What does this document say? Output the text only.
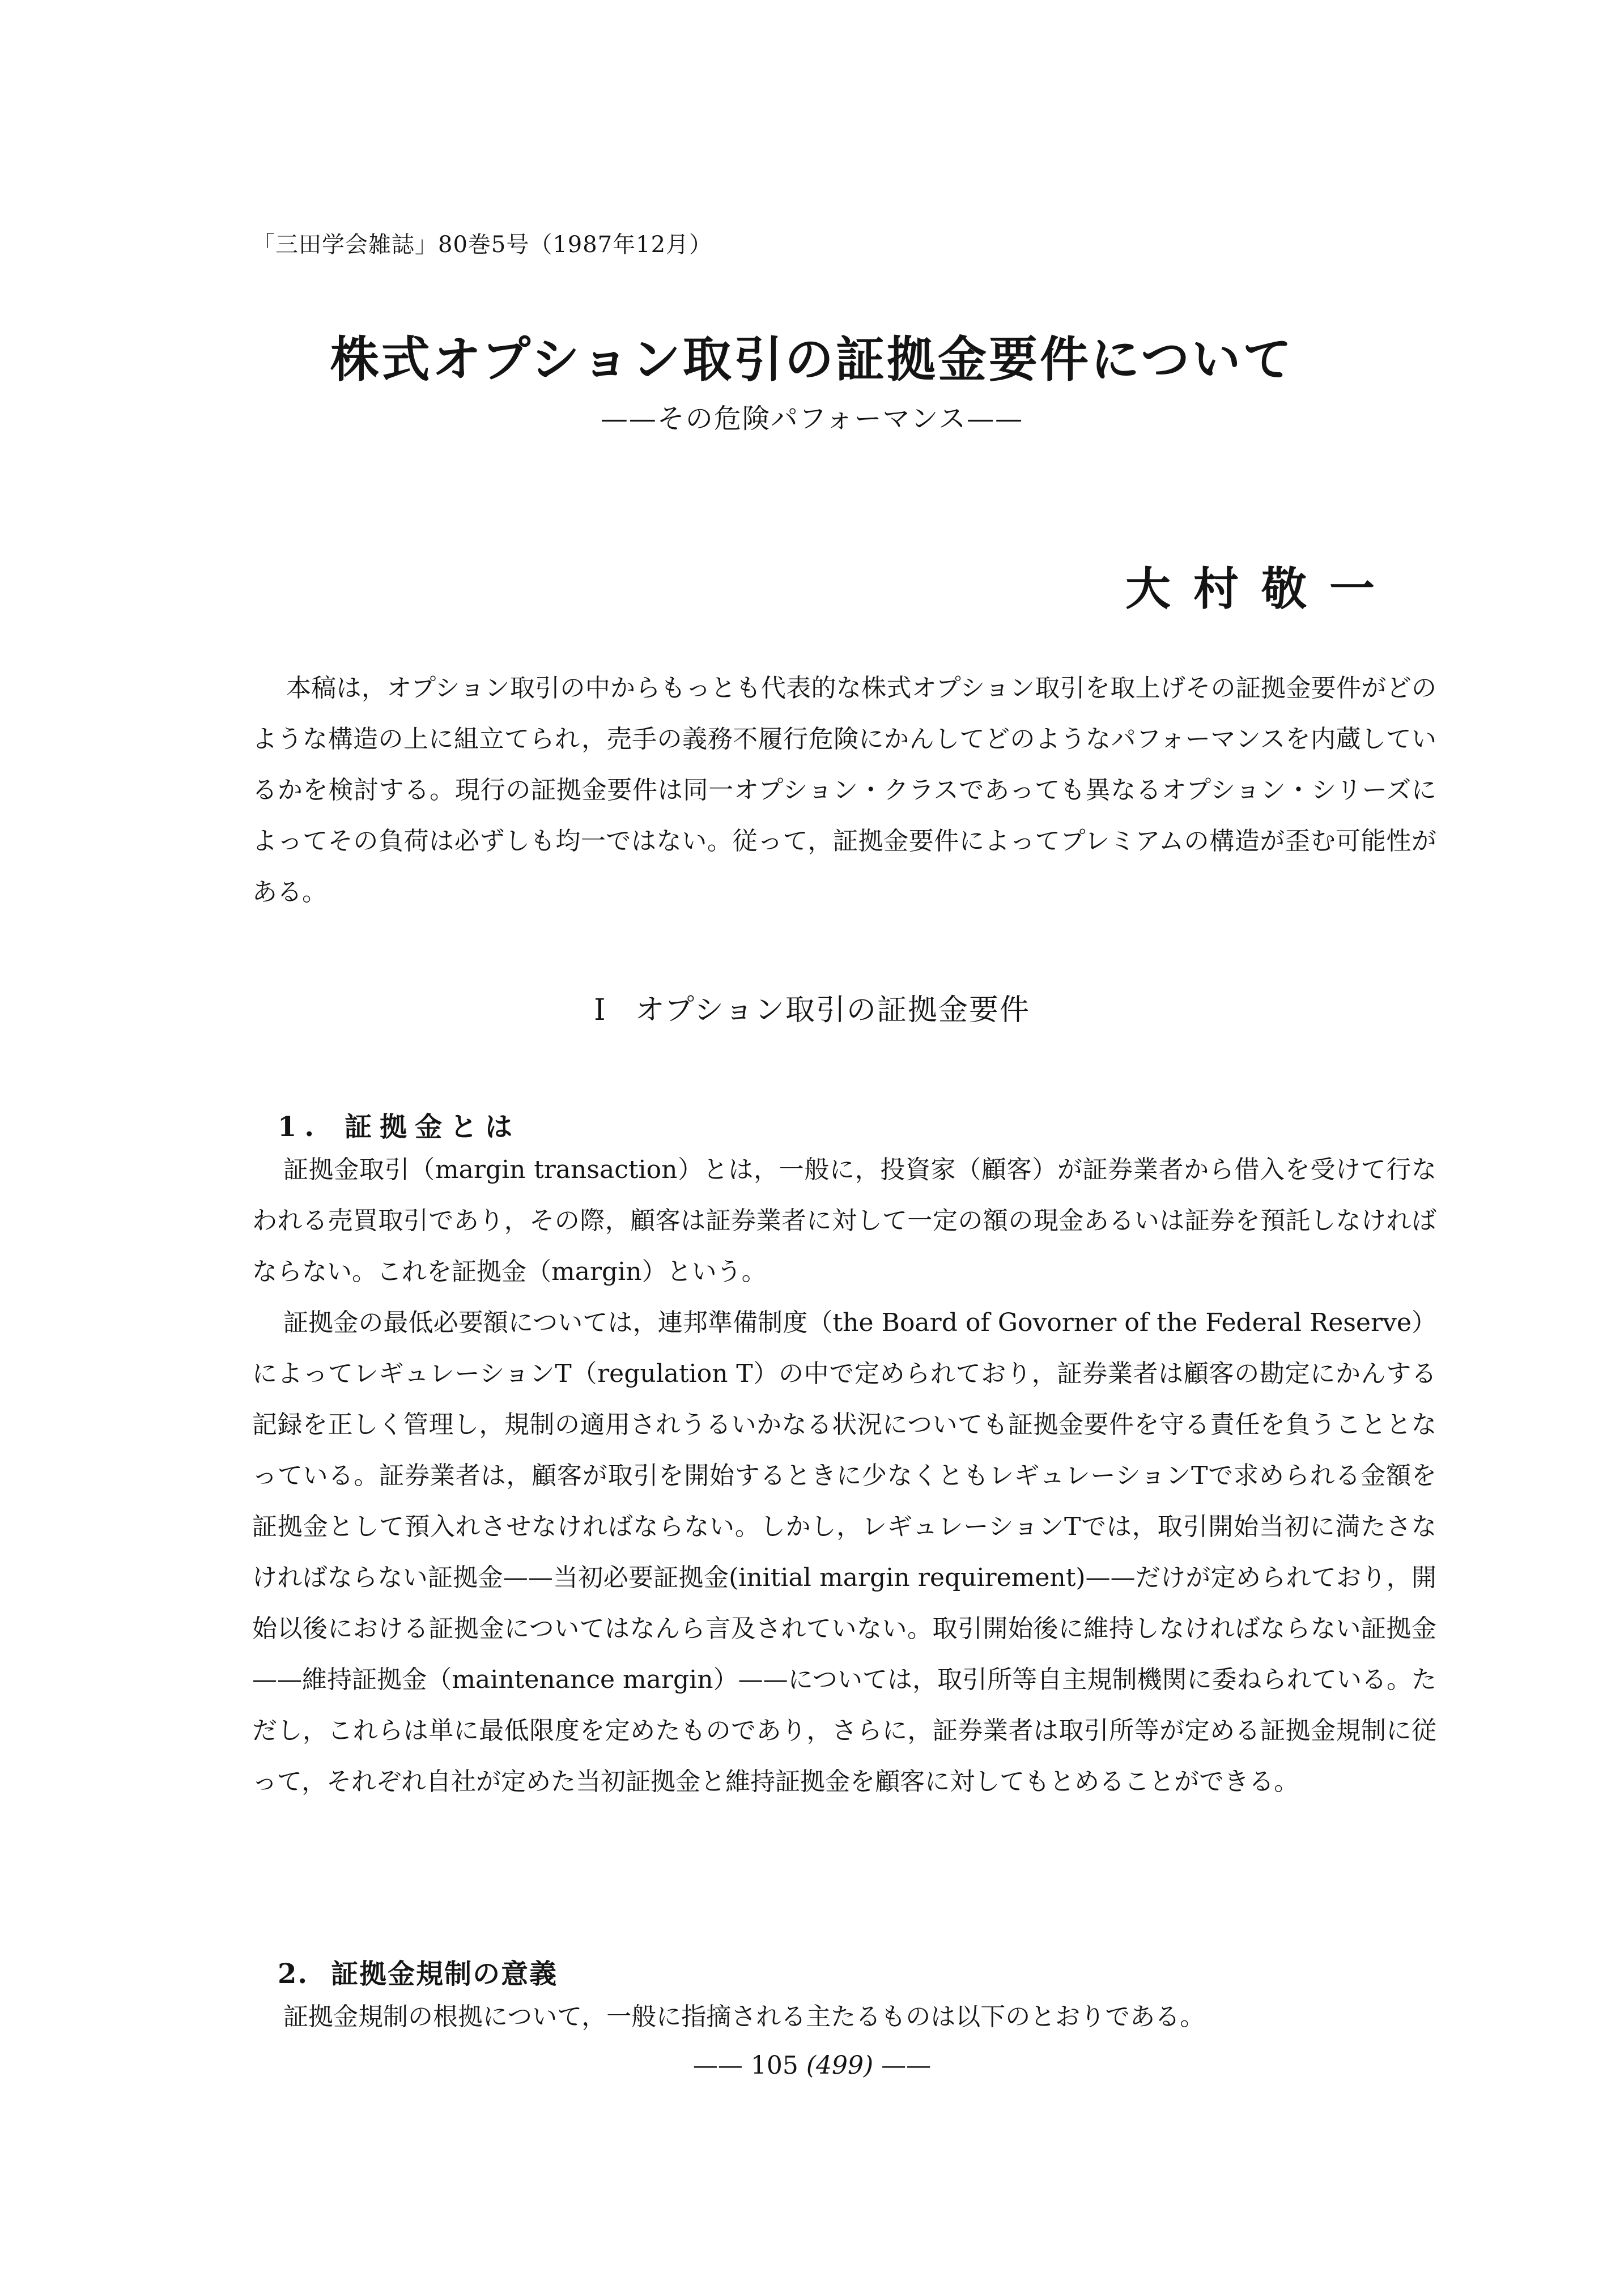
「三田学会雑誌」80巻5号（1987年12月）
株式オプション取引の証拠金要件について
——その危険パフォーマンス——
大村敬一

本稿は，オプション取引の中からもっとも代表的な株式オプション取引を取上げその証拠金要件がどのような構造の上に組立てられ，売手の義務不履行危険にかんしてどのようなパフォーマンスを内蔵しているかを検討する。現行の証拠金要件は同一オプション・クラスであっても異なるオプション・シリーズによってその負荷は必ずしも均一ではない。従って，証拠金要件によってプレミアムの構造が歪む可能性がある。

I オプション取引の証拠金要件
1. 証拠金とは

証拠金取引（margin transaction）とは，一般に，投資家（顧客）が証券業者から借入を受けて行なわれる売買取引であり，その際，顧客は証券業者に対して一定の額の現金あるいは証券を預託しなければならない。これを証拠金（margin）という。

証拠金の最低必要額については，連邦準備制度（the Board of Govorner of the Federal Reserve）によってレギュレーションT（regulation T）の中で定められており，証券業者は顧客の勘定にかんする記録を正しく管理し，規制の適用されうるいかなる状況についても証拠金要件を守る責任を負うこととなっている。証券業者は，顧客が取引を開始するときに少なくともレギュレーションTで求められる金額を証拠金として預入れさせなければならない。しかし，レギュレーションTでは，取引開始当初に満たさなければならない証拠金——当初必要証拠金(initial margin requirement)——だけが定められており，開始以後における証拠金についてはなんら言及されていない。取引開始後に維持しなければならない証拠金——維持証拠金（maintenance margin）——については，取引所等自主規制機関に委ねられている。ただし，これらは単に最低限度を定めたものであり，さらに，証券業者は取引所等が定める証拠金規制に従って，それぞれ自社が定めた当初証拠金と維持証拠金を顧客に対してもとめることができる。

2. 証拠金規制の意義

証拠金規制の根拠について，一般に指摘される主たるものは以下のとおりである。

—— 105 (499) ——
